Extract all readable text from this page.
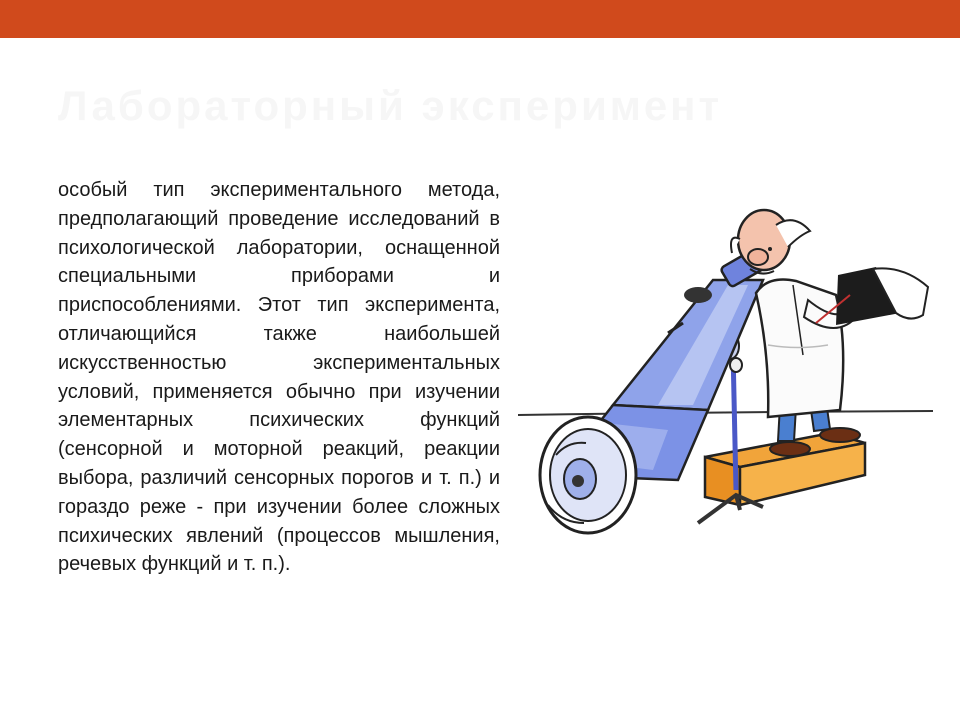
Лабораторный эксперимент
особый тип экспериментального метода, предполагающий проведение исследований в психологической лаборатории, оснащенной специальными приборами и приспособлениями. Этот тип эксперимента, отличающийся также наибольшей искусственностью экспериментальных условий, применяется обычно при изучении элементарных психических функций (сенсорной и моторной реакций, реакции выбора, различий сенсорных порогов и т. п.) и гораздо реже - при изучении более сложных психических явлений (процессов мышления, речевых функций и т. п.).
